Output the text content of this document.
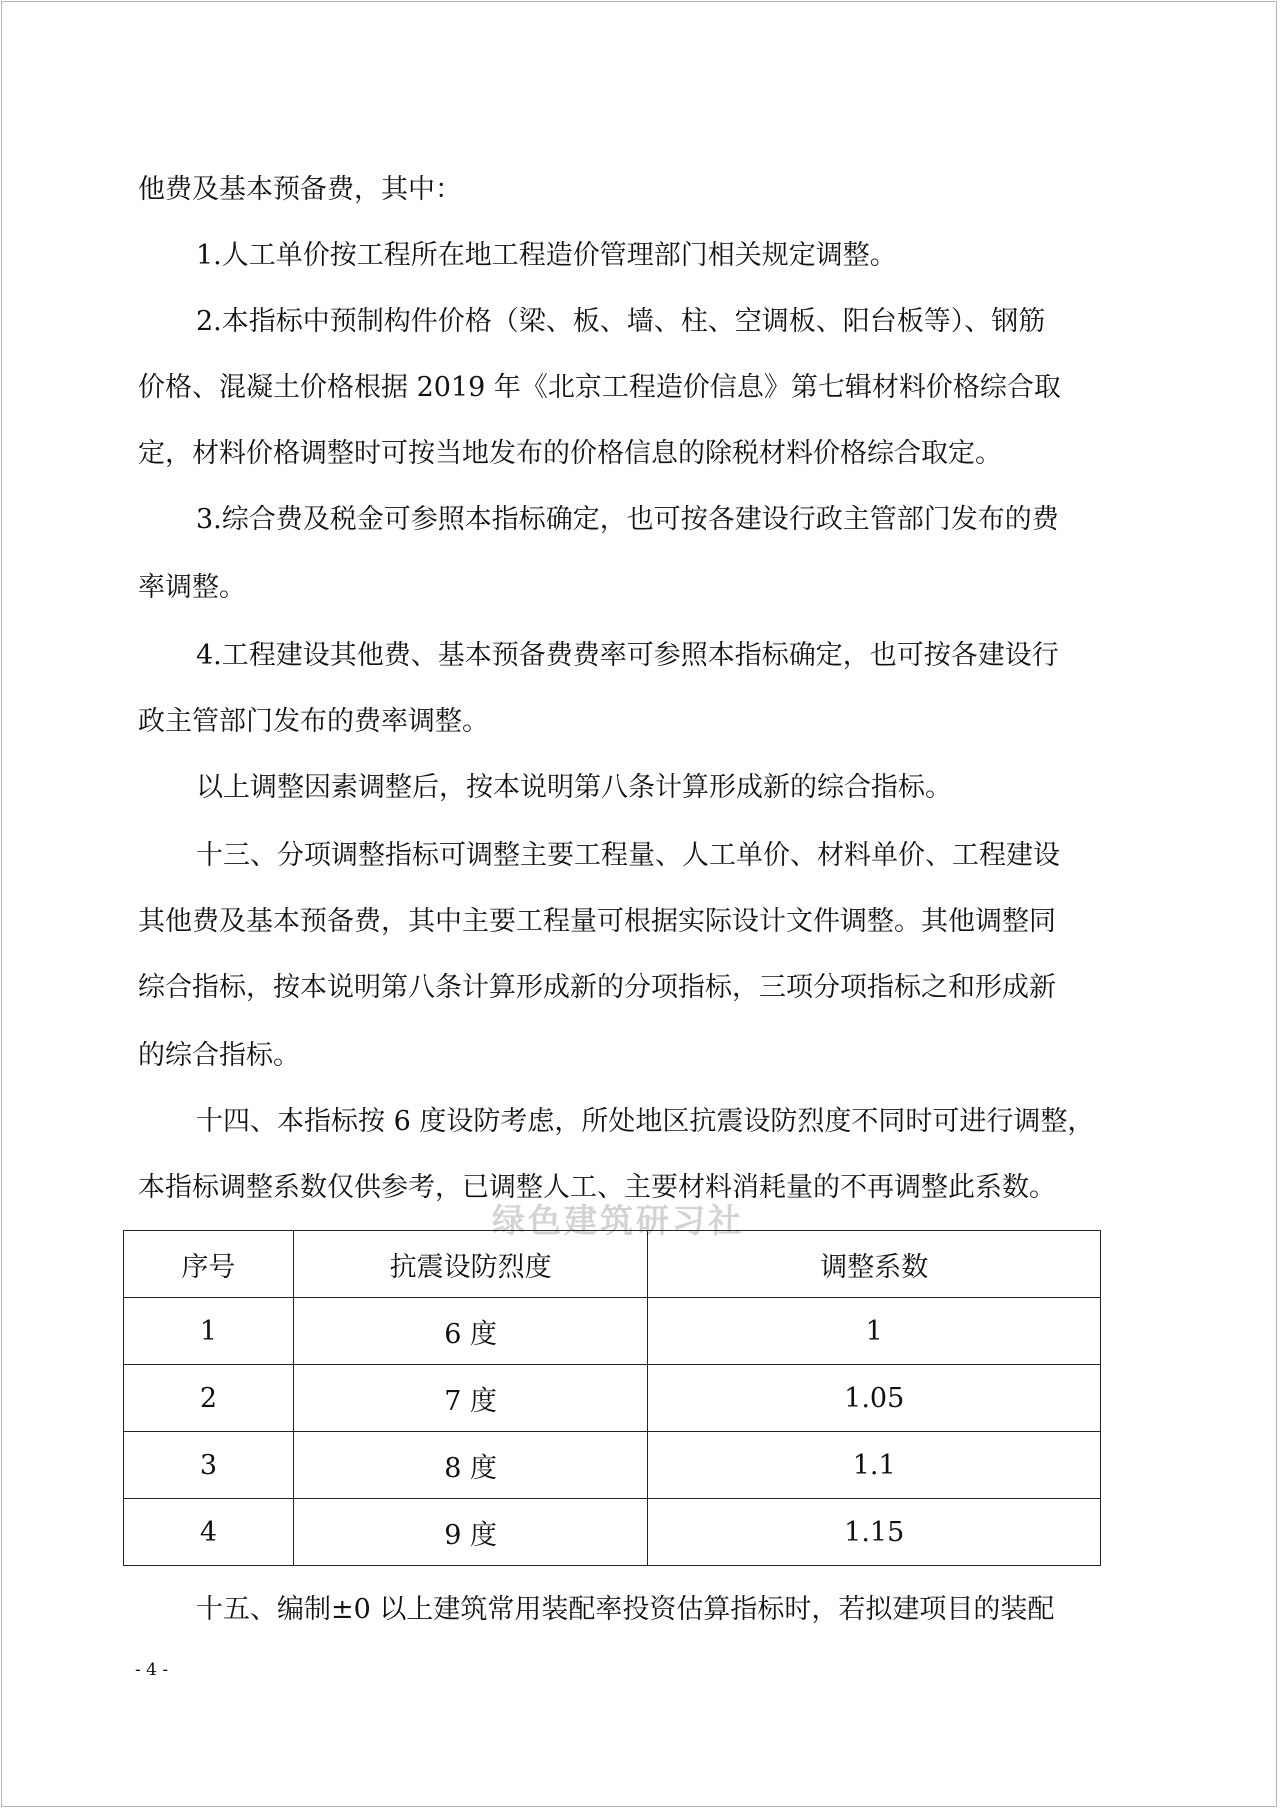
他费及基本预备费，其中：
1.人工单价按工程所在地工程造价管理部门相关规定调整。
2.本指标中预制构件价格（梁、板、墙、柱、空调板、阳台板等）、钢筋
价格、混凝土价格根据 2019 年《北京工程造价信息》第七辑材料价格综合取
定，材料价格调整时可按当地发布的价格信息的除税材料价格综合取定。
3.综合费及税金可参照本指标确定，也可按各建设行政主管部门发布的费
率调整。
4.工程建设其他费、基本预备费费率可参照本指标确定，也可按各建设行
政主管部门发布的费率调整。
以上调整因素调整后，按本说明第八条计算形成新的综合指标。
十三、分项调整指标可调整主要工程量、人工单价、材料单价、工程建设
其他费及基本预备费，其中主要工程量可根据实际设计文件调整。其他调整同
综合指标，按本说明第八条计算形成新的分项指标，三项分项指标之和形成新
的综合指标。
十四、本指标按 6 度设防考虑，所处地区抗震设防烈度不同时可进行调整，
本指标调整系数仅供参考，已调整人工、主要材料消耗量的不再调整此系数。
绿色建筑研习社
序号	抗震设防烈度	调整系数
1	6 度	1
2	7 度	1.05
3	8 度	1.1
4	9 度	1.15
十五、编制±0 以上建筑常用装配率投资估算指标时，若拟建项目的装配
- 4 -
